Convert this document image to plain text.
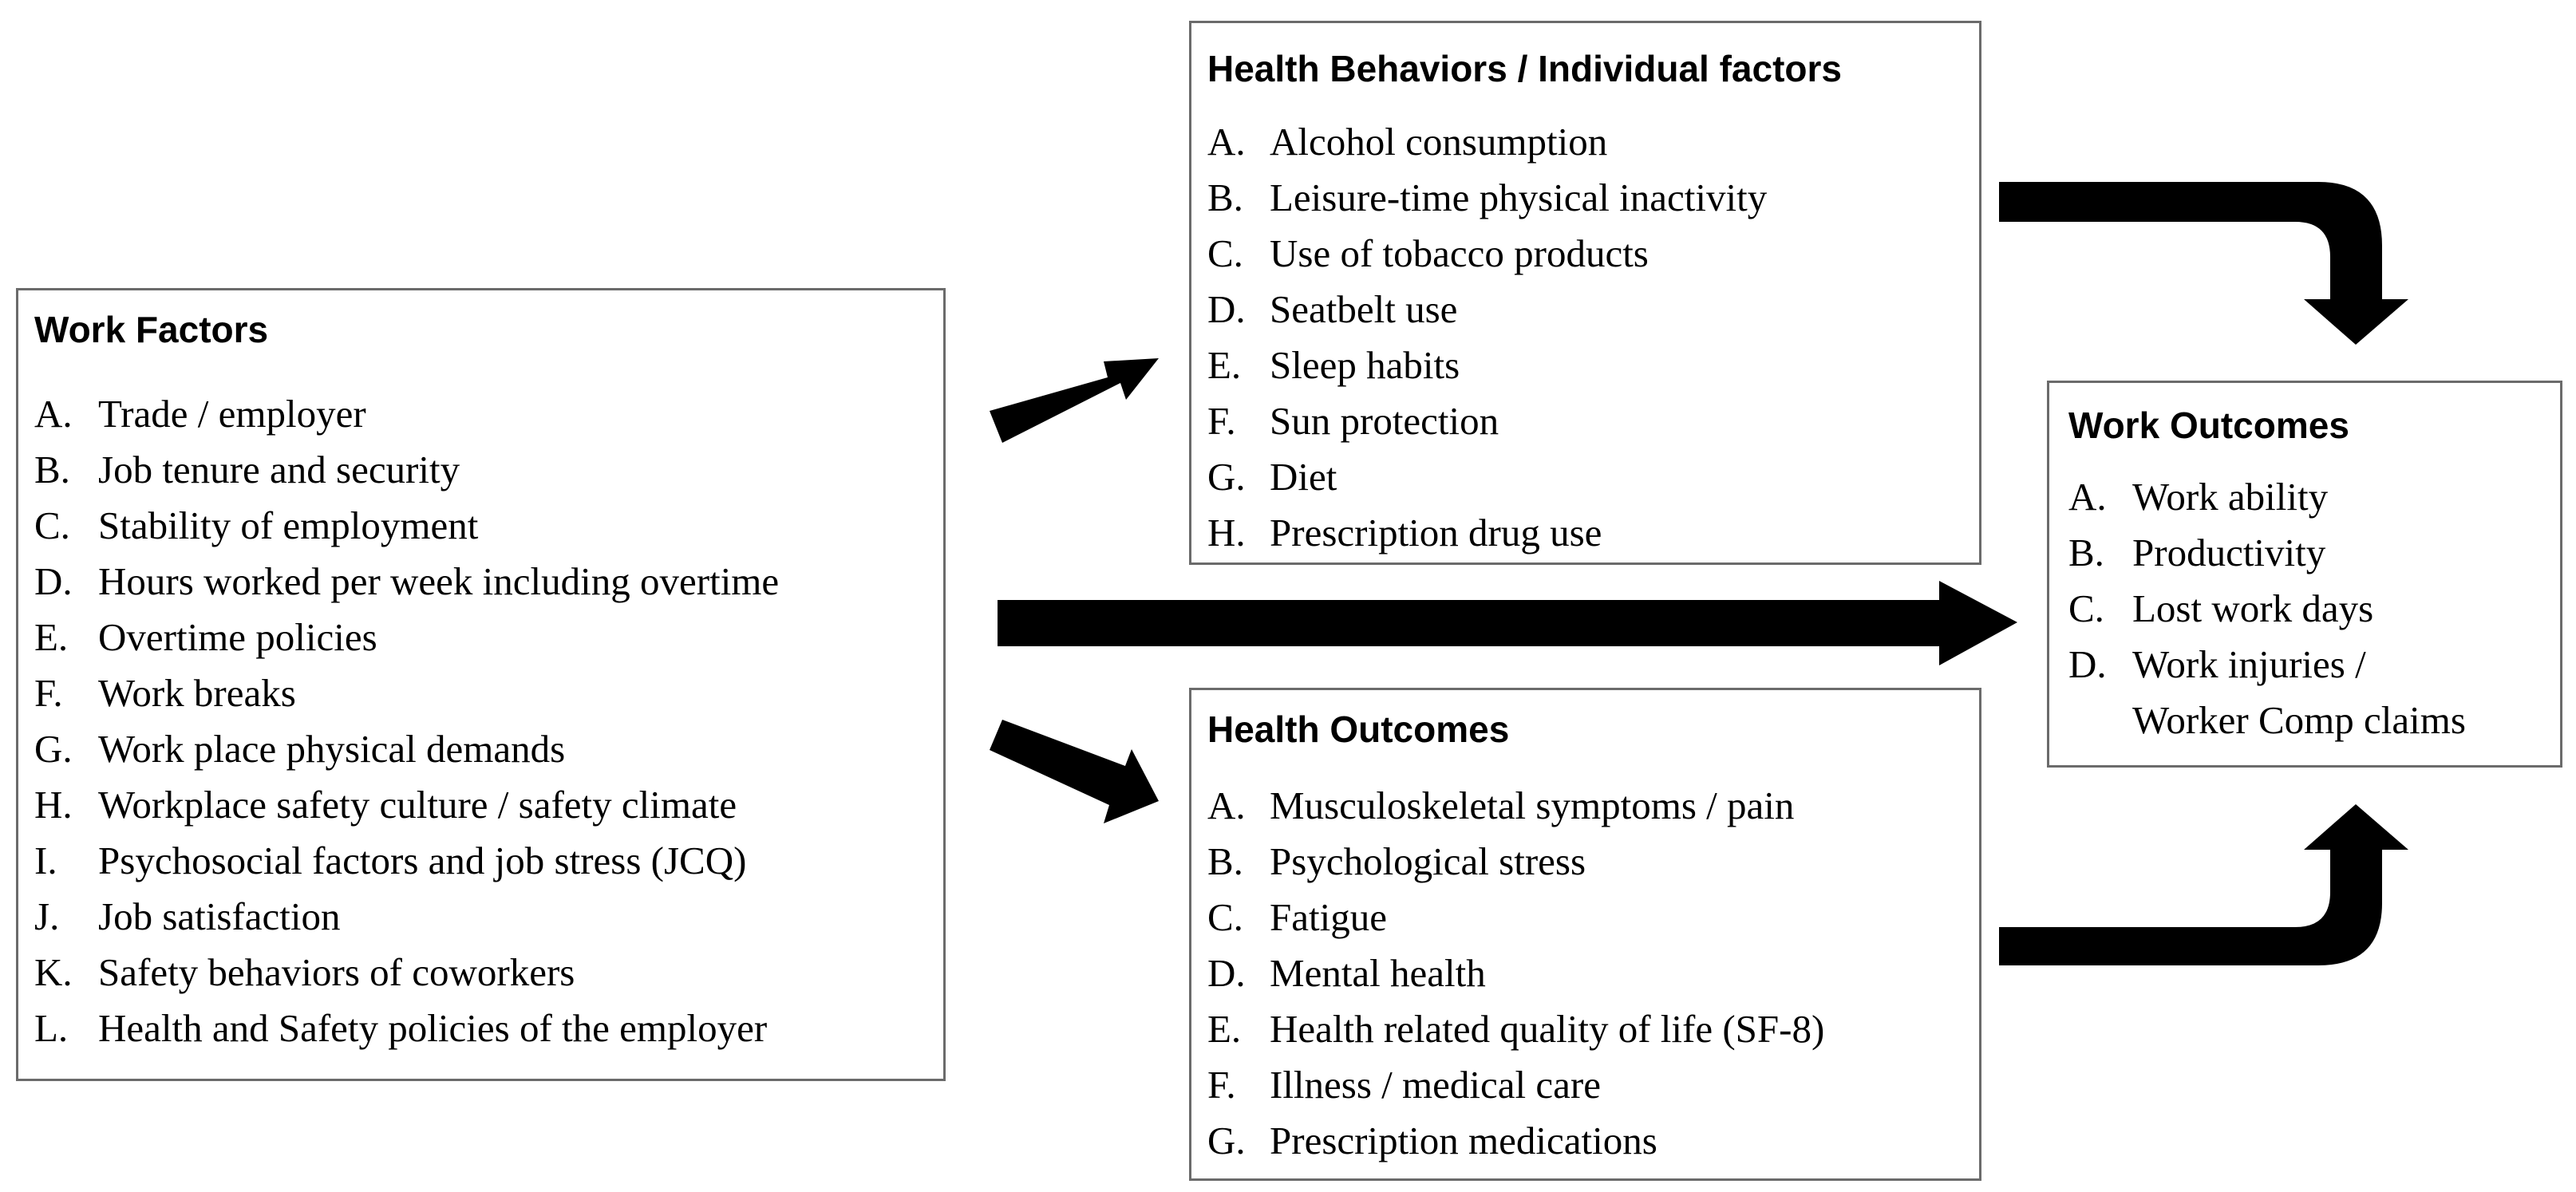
Work Factors
A. Trade / employer
B. Job tenure and security
C. Stability of employment
D. Hours worked per week including overtime
E. Overtime policies
F. Work breaks
G. Work place physical demands
H. Workplace safety culture / safety climate
I. Psychosocial factors and job stress (JCQ)
J. Job satisfaction
K. Safety behaviors of coworkers
L. Health and Safety policies of the employer
Health Behaviors / Individual factors
A. Alcohol consumption
B. Leisure-time physical inactivity
C. Use of tobacco products
D. Seatbelt use
E. Sleep habits
F. Sun protection
G. Diet
H. Prescription drug use
Health Outcomes
A. Musculoskeletal symptoms / pain
B. Psychological stress
C. Fatigue
D. Mental health
E. Health related quality of life (SF-8)
F. Illness / medical care
G. Prescription medications
Work Outcomes
A. Work ability
B. Productivity
C. Lost work days
D. Work injuries /
Worker Comp claims
